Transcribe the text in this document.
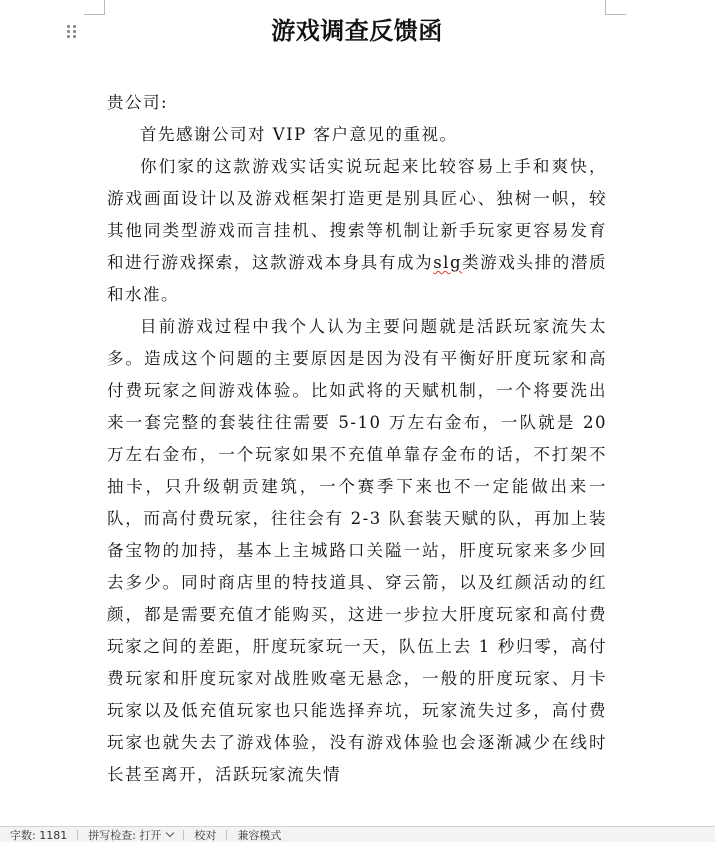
游戏调查反馈函

贵公司:

首先感谢公司对 VIP 客户意见的重视。

你们家的这款游戏实话实说玩起来比较容易上手和爽快，游戏画面设计以及游戏框架打造更是别具匠心、独树一帜，较其他同类型游戏而言挂机、搜索等机制让新手玩家更容易发育和进行游戏探索，这款游戏本身具有成为slg类游戏头排的潜质和水准。

目前游戏过程中我个人认为主要问题就是活跃玩家流失太多。造成这个问题的主要原因是因为没有平衡好肝度玩家和高付费玩家之间游戏体验。比如武将的天赋机制，一个将要洗出来一套完整的套装往往需要 5-10 万左右金布，一队就是 20 万左右金布，一个玩家如果不充值单靠存金布的话，不打架不抽卡，只升级朝贡建筑，一个赛季下来也不一定能做出来一队，而高付费玩家，往往会有 2-3 队套装天赋的队，再加上装备宝物的加持，基本上主城路口关隘一站，肝度玩家来多少回去多少。同时商店里的特技道具、穿云箭，以及红颜活动的红颜，都是需要充值才能购买，这进一步拉大肝度玩家和高付费玩家之间的差距，肝度玩家玩一天，队伍上去 1 秒归零，高付费玩家和肝度玩家对战胜败毫无悬念，一般的肝度玩家、月卡玩家以及低充值玩家也只能选择弃坑，玩家流失过多，高付费玩家也就失去了游戏体验，没有游戏体验也会逐渐减少在线时长甚至离开，活跃玩家流失情

字数: 1181 拼写检查: 打开	校对 兼容模式
